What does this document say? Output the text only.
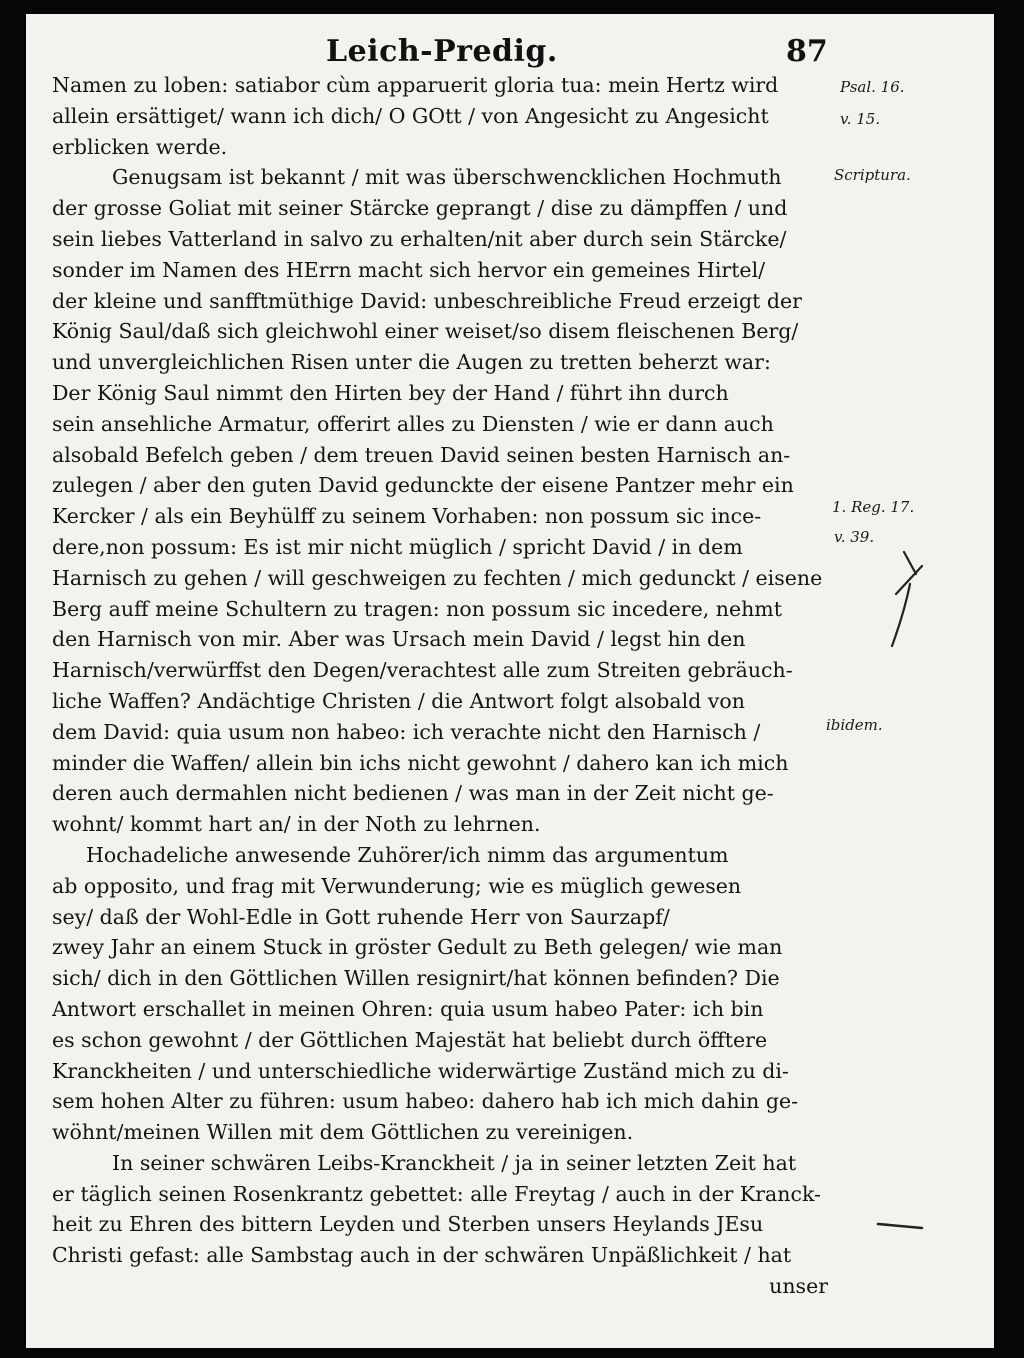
Leich-Predig.	87
Namen zu loben: satiabor cùm apparuerit gloria tua: mein Hertz wird
allein ersättiget/ wann ich dich/ O GOtt / von Angesicht zu Angesicht
erblicken werde.
Genugsam ist bekannt / mit was überschwencklichen Hochmuth
der grosse Goliat mit seiner Stärcke geprangt / dise zu dämpffen / und
sein liebes Vatterland in salvo zu erhalten/nit aber durch sein Stärcke/
sonder im Namen des HErrn macht sich hervor ein gemeines Hirtel/
der kleine und sanfftmüthige David: unbeschreibliche Freud erzeigt der
König Saul/daß sich gleichwohl einer weiset/so disem fleischenen Berg/
und unvergleichlichen Risen unter die Augen zu tretten beherzt war:
Der König Saul nimmt den Hirten bey der Hand / führt ihn durch
sein ansehliche Armatur, offerirt alles zu Diensten / wie er dann auch
alsobald Befelch geben / dem treuen David seinen besten Harnisch an-
zulegen / aber den guten David gedunckte der eisene Pantzer mehr ein
Kercker / als ein Beyhülff zu seinem Vorhaben: non possum sic ince-
dere,non possum: Es ist mir nicht müglich / spricht David / in dem
Harnisch zu gehen / will geschweigen zu fechten / mich gedunckt / eisene
Berg auff meine Schultern zu tragen: non possum sic incedere, nehmt
den Harnisch von mir. Aber was Ursach mein David / legst hin den
Harnisch/verwürffst den Degen/verachtest alle zum Streiten gebräuch-
liche Waffen? Andächtige Christen / die Antwort folgt alsobald von
dem David: quia usum non habeo: ich verachte nicht den Harnisch /
minder die Waffen/ allein bin ichs nicht gewohnt / dahero kan ich mich
deren auch dermahlen nicht bedienen / was man in der Zeit nicht ge-
wohnt/ kommt hart an/ in der Noth zu lehrnen.
Hochadeliche anwesende Zuhörer/ich nimm das argumentum
ab opposito, und frag mit Verwunderung; wie es müglich gewesen
sey/ daß der Wohl-Edle in Gott ruhende Herr von Saurzapf/
zwey Jahr an einem Stuck in gröster Gedult zu Beth gelegen/ wie man
sich/ dich in den Göttlichen Willen resignirt/hat können befinden? Die
Antwort erschallet in meinen Ohren: quia usum habeo Pater: ich bin
es schon gewohnt / der Göttlichen Majestät hat beliebt durch öfftere
Kranckheiten / und unterschiedliche widerwärtige Zuständ mich zu di-
sem hohen Alter zu führen: usum habeo: dahero hab ich mich dahin ge-
wöhnt/meinen Willen mit dem Göttlichen zu vereinigen.
In seiner schwären Leibs-Kranckheit / ja in seiner letzten Zeit hat
er täglich seinen Rosenkrantz gebettet: alle Freytag / auch in der Kranck-
heit zu Ehren des bittern Leyden und Sterben unsers Heylands JEsu
Christi gefast: alle Sambstag auch in der schwären Unpäßlichkeit / hat
unser
Psal. 16.
v. 15.
Scriptura.
1. Reg. 17.
v. 39.
ibidem.
